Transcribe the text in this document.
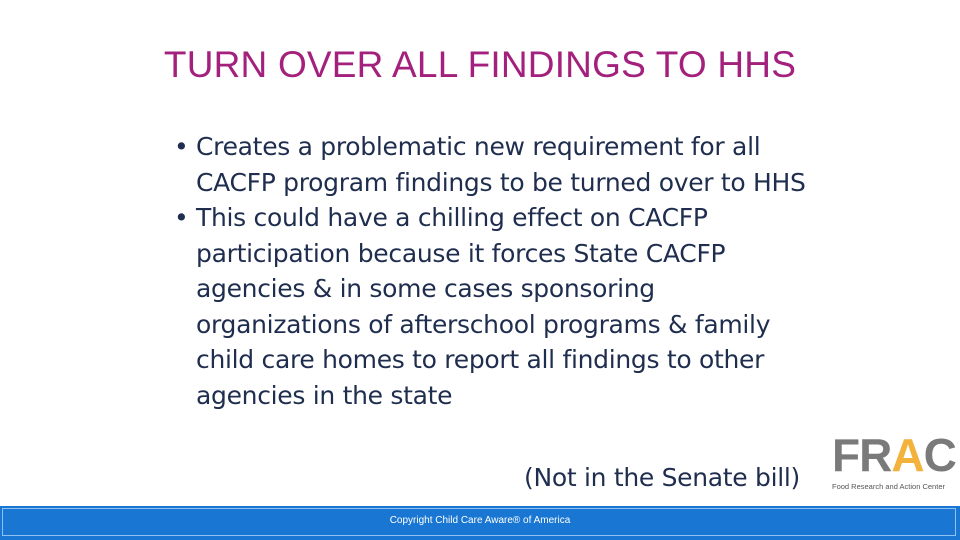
TURN OVER ALL FINDINGS TO HHS

• Creates a problematic new requirement for all CACFP program findings to be turned over to HHS

• This could have a chilling effect on CACFP participation because it forces State CACFP agencies & in some cases sponsoring organizations of afterschool programs & family child care homes to report all findings to other agencies in the state

(Not in the Senate bill) FRAC
Food Research and Action Center
Copyright Child Care Aware® of America
